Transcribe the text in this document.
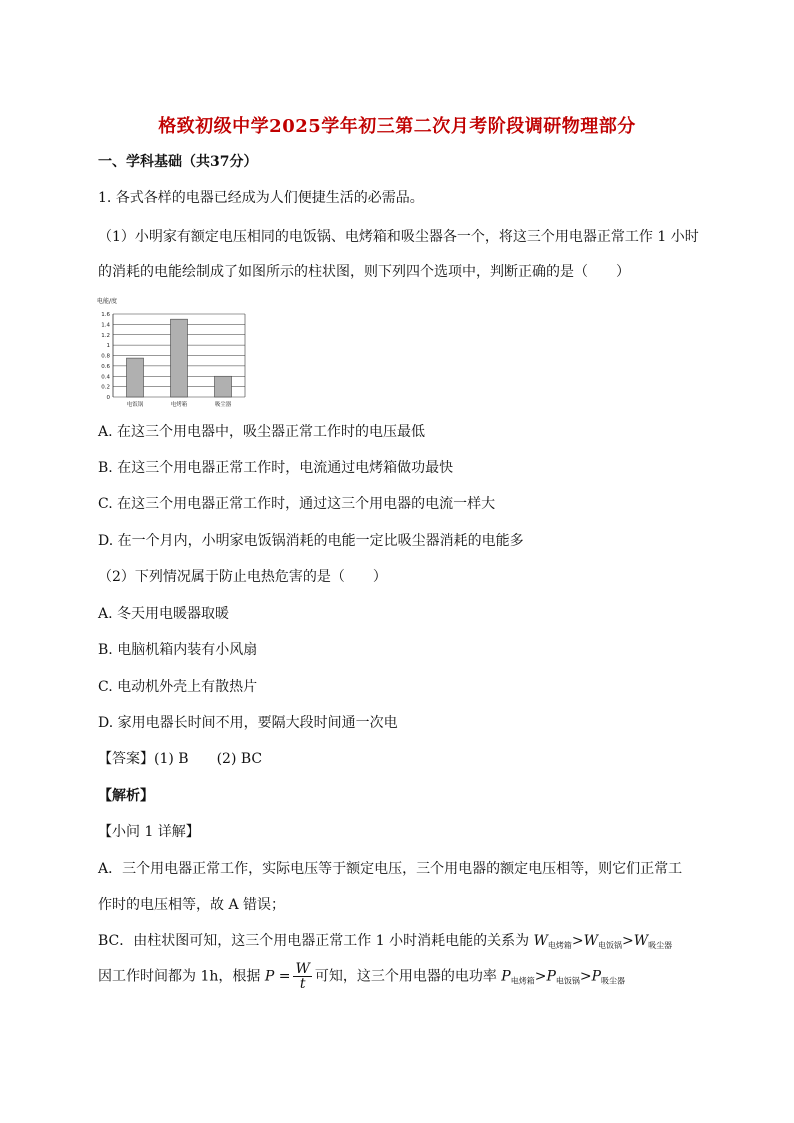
格致初级中学2025学年初三第二次月考阶段调研物理部分
一、学科基础（共37分）
1. 各式各样的电器已经成为人们便捷生活的必需品。
（1）小明家有额定电压相同的电饭锅、电烤箱和吸尘器各一个，将这三个用电器正常工作 1 小时
的消耗的电能绘制成了如图所示的柱状图，则下列四个选项中，判断正确的是（　　）
电能/度
0
0.2
0.4
0.6
0.8
1
1.2
1.4
1.6
电饭锅	电烤箱	吸尘器
A. 在这三个用电器中，吸尘器正常工作时的电压最低
B. 在这三个用电器正常工作时，电流通过电烤箱做功最快
C. 在这三个用电器正常工作时，通过这三个用电器的电流一样大
D. 在一个月内，小明家电饭锅消耗的电能一定比吸尘器消耗的电能多
（2）下列情况属于防止电热危害的是（　　）
A. 冬天用电暖器取暖
B. 电脑机箱内装有小风扇
C. 电动机外壳上有散热片
D. 家用电器长时间不用，要隔大段时间通一次电
【答案】(1) B　　(2) BC
【解析】
【小问 1 详解】
A．三个用电器正常工作，实际电压等于额定电压，三个用电器的额定电压相等，则它们正常工
作时的电压相等，故 A 错误；
BC．由柱状图可知，这三个用电器正常工作 1 小时消耗电能的关系为 $W_{电烤箱}>W_{电饭锅}>W_{吸尘器}$
因工作时间都为 1h，根据 $P = \frac{W}{t}$ 可知，这三个用电器的电功率 $P_{电烤箱}>P_{电饭锅}>P_{吸尘器}$
